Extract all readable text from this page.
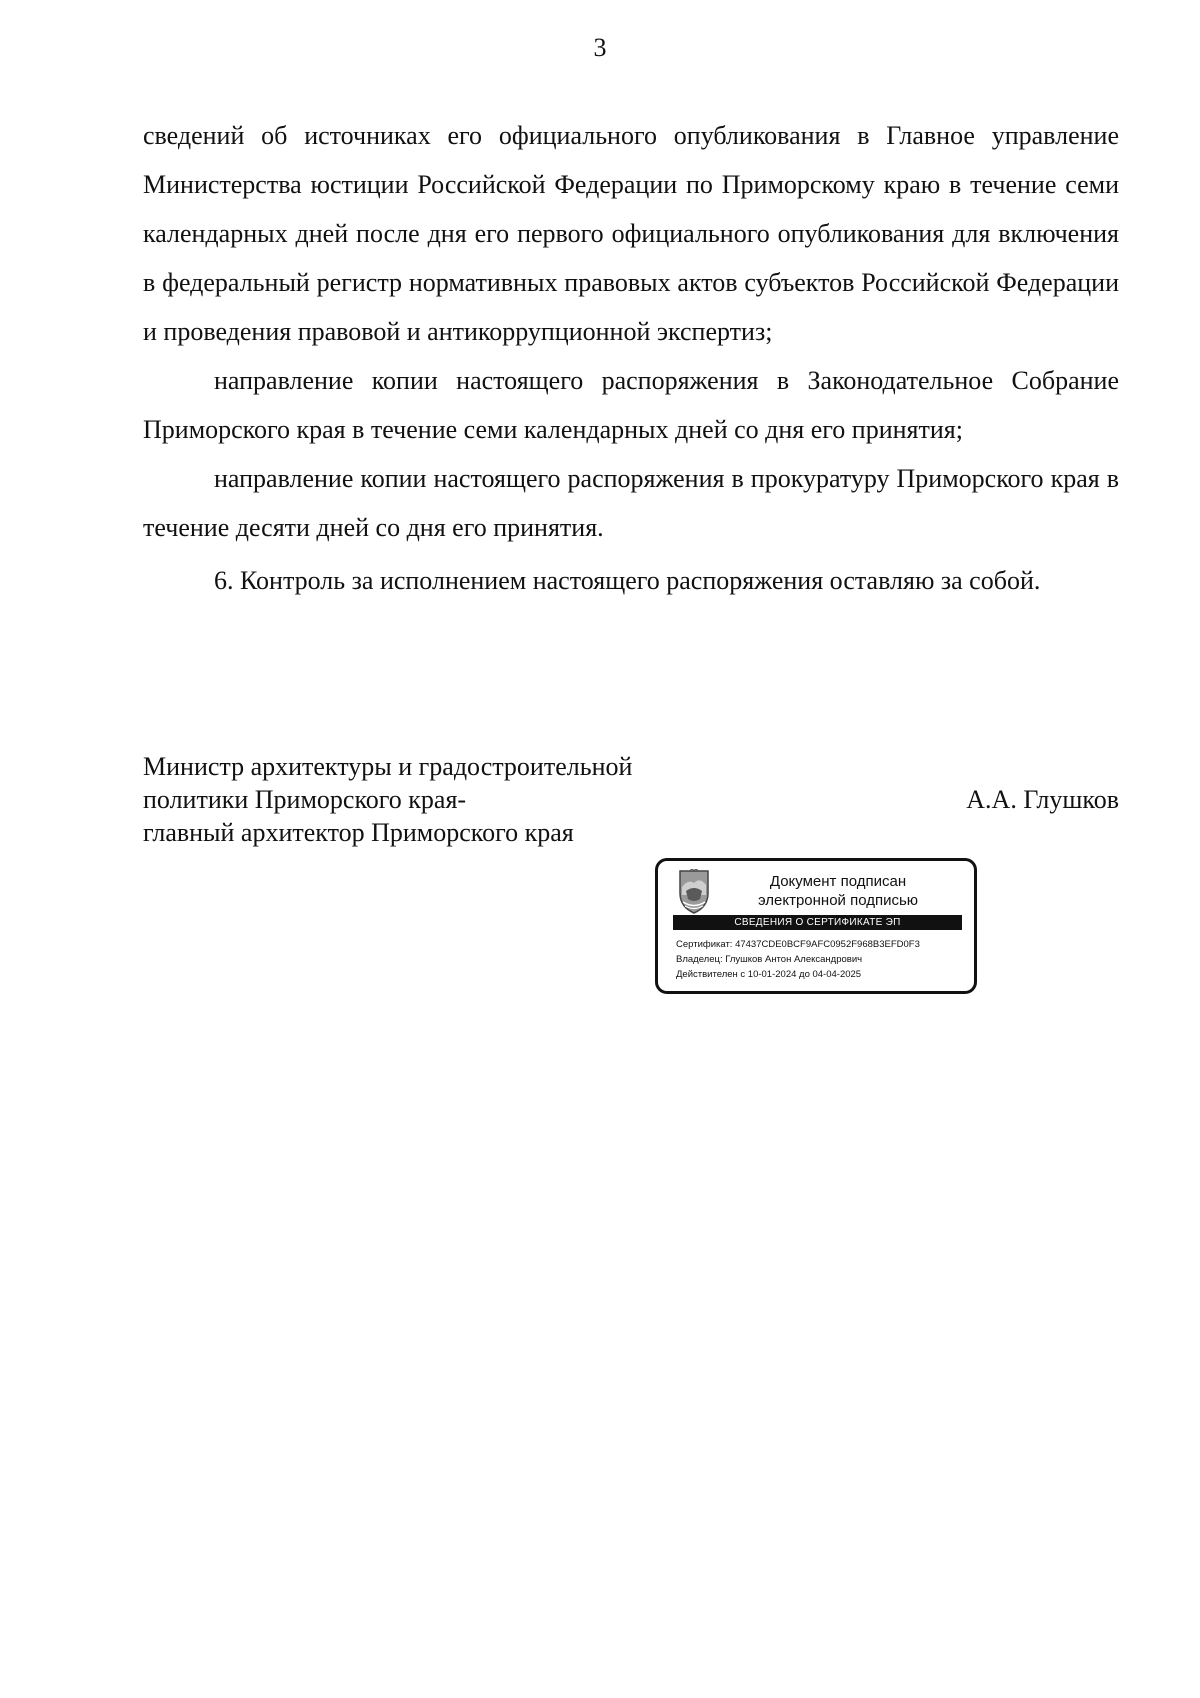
3

сведений об источниках его официального опубликования в Главное управление Министерства юстиции Российской Федерации по Приморскому краю в течение семи календарных дней после дня его первого официального опубликования для включения в федеральный регистр нормативных правовых актов субъектов Российской Федерации и проведения правовой и антикоррупционной экспертиз;

направление копии настоящего распоряжения в Законодательное Собрание Приморского края в течение семи календарных дней со дня его принятия;

направление копии настоящего распоряжения в прокуратуру Приморского края в течение десяти дней со дня его принятия.

6. Контроль за исполнением настоящего распоряжения оставляю за собой.

Министр архитектуры и градостроительной
политики Приморского края-
главный архитектор Приморского края
А.А. Глушков
Документ подписан
электронной подписью
СВЕДЕНИЯ О СЕРТИФИКАТЕ ЭП
Сертификат: 47437CDE0BCF9AFC0952F968B3EFD0F3
Владелец: Глушков Антон Александрович
Действителен с 10-01-2024 до 04-04-2025
